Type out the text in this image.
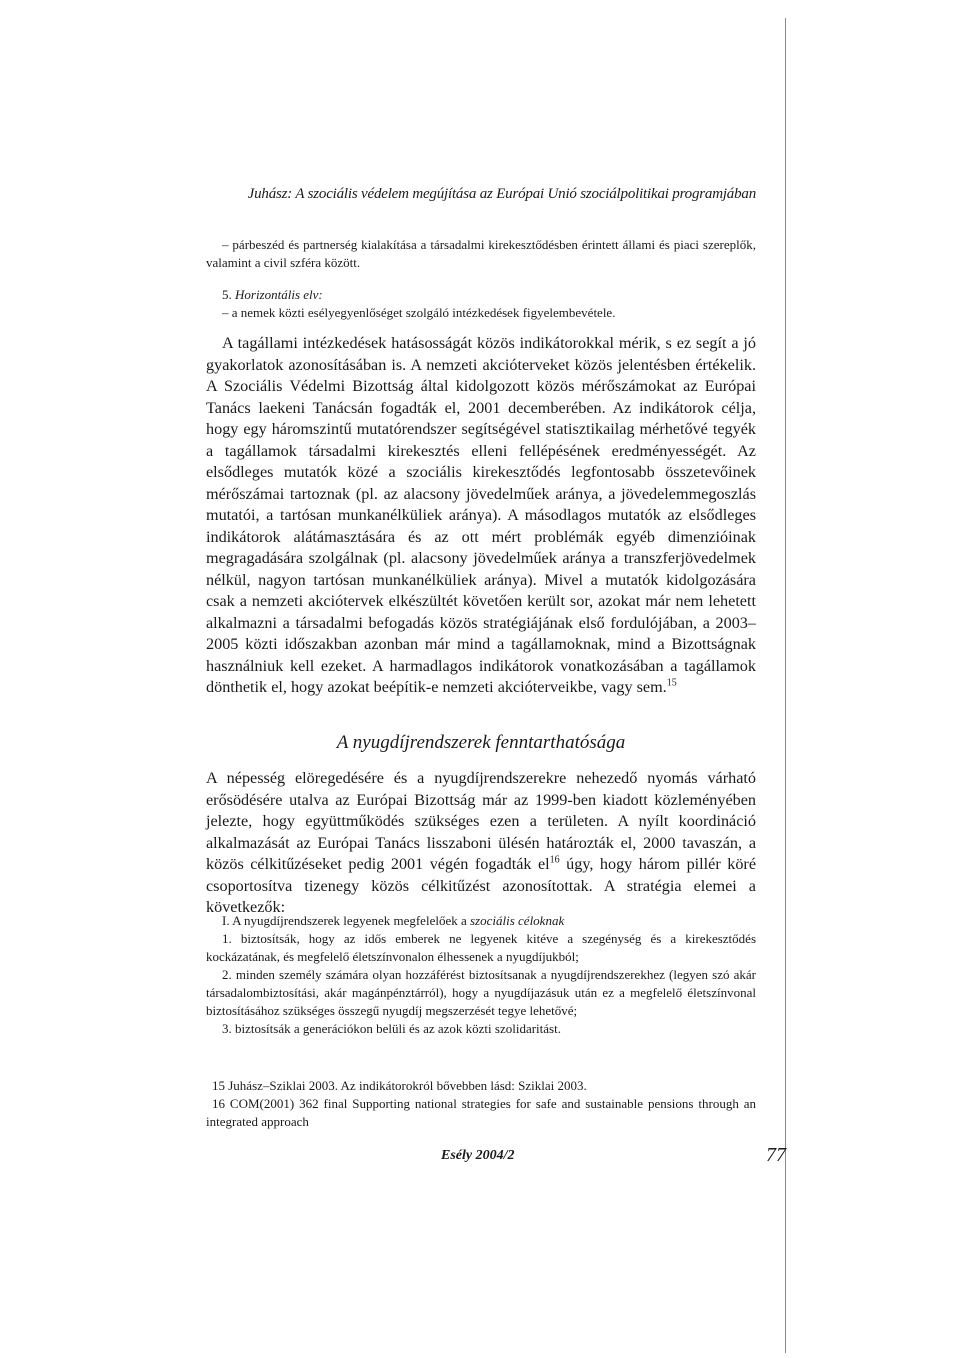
Juhász: A szociális védelem megújítása az Európai Unió szociálpolitikai programjában

– párbeszéd és partnerség kialakítása a társadalmi kirekesztődésben érintett állami és piaci szereplők, valamint a civil szféra között.

5. Horizontális elv:

– a nemek közti esélyegyenlőséget szolgáló intézkedések figyelembevétele.

A tagállami intézkedések hatásosságát közös indikátorokkal mérik, s ez segít a jó gyakorlatok azonosításában is. A nemzeti akcióterveket közös jelentésben értékelik. A Szociális Védelmi Bizottság által kidolgozott közös mérőszámokat az Európai Tanács laekeni Tanácsán fogadták el, 2001 decemberében. Az indikátorok célja, hogy egy háromszintű mutatórendszer segítségével statisztikailag mérhetővé tegyék a tagállamok társadalmi kirekesztés elleni fellépésének eredményességét. Az elsődleges mutatók közé a szociális kirekesztődés legfontosabb összetevőinek mérőszámai tartoznak (pl. az alacsony jövedelműek aránya, a jövedelemmegoszlás mutatói, a tartósan munkanélküliek aránya). A másodlagos mutatók az elsődleges indikátorok alátámasztására és az ott mért problémák egyéb dimenzióinak megragadására szolgálnak (pl. alacsony jövedelműek aránya a transzferjövedelmek nélkül, nagyon tartósan munkanélküliek aránya). Mivel a mutatók kidolgozására csak a nemzeti akciótervek elkészültét követően került sor, azokat már nem lehetett alkalmazni a társadalmi befogadás közös stratégiájának első fordulójában, a 2003–2005 közti időszakban azonban már mind a tagállamoknak, mind a Bizottságnak használniuk kell ezeket. A harmadlagos indikátorok vonatkozásában a tagállamok dönthetik el, hogy azokat beépítik-e nemzeti akcióterveikbe, vagy sem.$^{15}$

A nyugdíjrendszerek fenntarthatósága

A népesség elöregedésére és a nyugdíjrendszerekre nehezedő nyomás várható erősödésére utalva az Európai Bizottság már az 1999-ben kiadott közleményében jelezte, hogy együttműködés szükséges ezen a területen. A nyílt koordináció alkalmazását az Európai Tanács lisszaboni ülésén határozták el, 2000 tavaszán, a közös célkitűzéseket pedig 2001 végén fogadták $el^{16}$ úgy, hogy három pillér köré csoportosítva tizenegy közös célkitűzést azonosítottak. A stratégia elemei a következők:

I. A nyugdíjrendszerek legyenek megfelelőek a szociális céloknak

1. biztosítsák, hogy az idős emberek ne legyenek kitéve a szegénység és a kirekesztődés kockázatának, és megfelelő életszínvonalon élhessenek a nyugdíjukból;

2. minden személy számára olyan hozzáférést biztosítsanak a nyugdíjrendszerekhez (legyen szó akár társadalombiztosítási, akár magánpénztárról), hogy a nyugdíjazásuk után ez a megfelelő életszínvonal biztosításához szükséges összegű nyugdíj megszerzését tegye lehetővé;

3. biztosítsák a generációkon belüli és az azok közti szolidaritást.

15 Juhász–Sziklai 2003. Az indikátorokról bővebben lásd: Sziklai 2003.

16 COM(2001) 362 final Supporting national strategies for safe and sustainable pensions through an integrated approach

Esély 2004/2	77
